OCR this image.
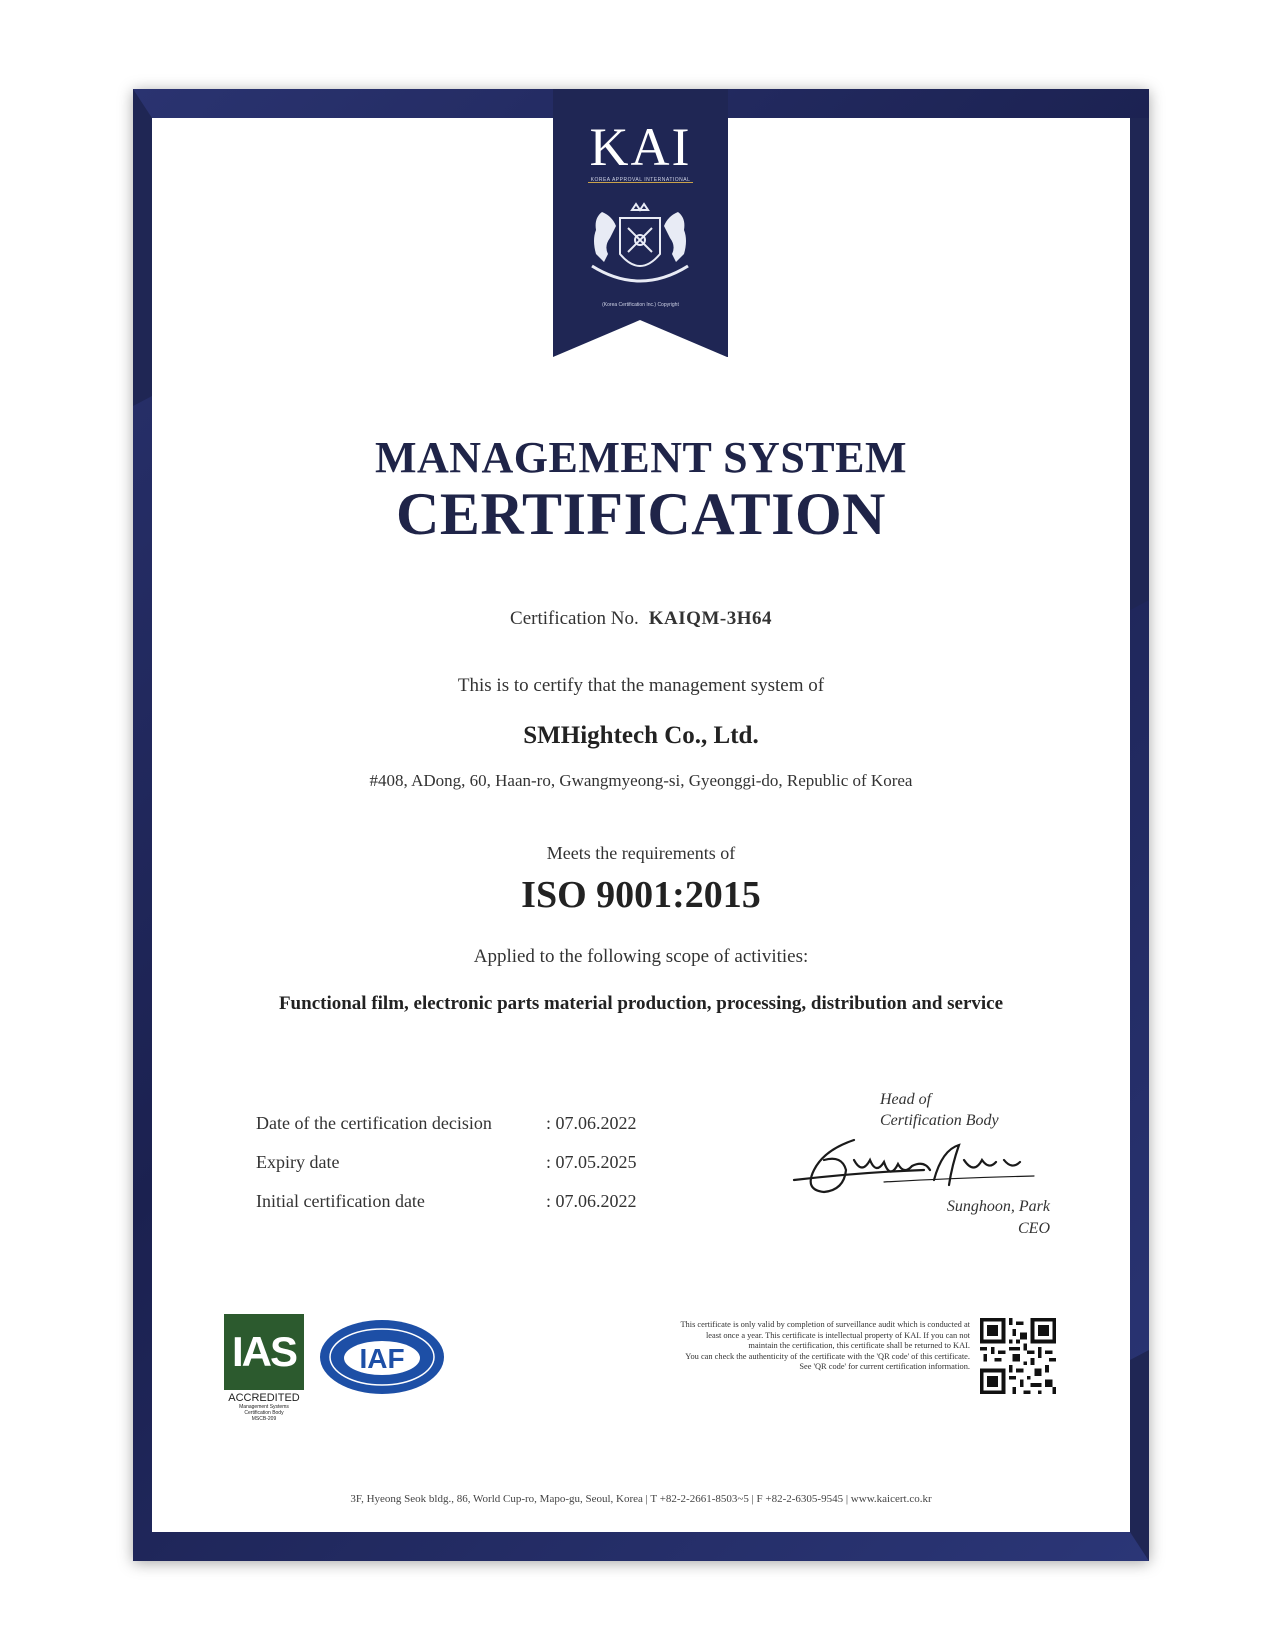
KAI
KOREA APPROVAL INTERNATIONAL
(Korea Certification Inc.) Copyright
MANAGEMENT SYSTEM
CERTIFICATION
Certification No. KAIQM-3H64
This is to certify that the management system of
SMHightech Co., Ltd.
#408, ADong, 60, Haan-ro, Gwangmyeong-si, Gyeonggi-do, Republic of Korea
Meets the requirements of
ISO 9001:2015
Applied to the following scope of activities:
Functional film, electronic parts material production, processing, distribution and service
Date of the certification decision	: 07.06.2022
Expiry date	: 07.05.2025
Initial certification date	: 07.06.2022
Head of
Certification Body
Sunghoon, Park
CEO
IAS
ACCREDITED
Management Systems
Certification Body
MSCB-209
IAF
This certificate is only valid by completion of surveillance audit which is conducted at
least once a year. This certificate is intellectual property of KAI. If you can not
maintain the certification, this certificate shall be returned to KAI.
You can check the authenticity of the certificate with the 'QR code' of this certificate.
See 'QR code' for current certification information.
3F, Hyeong Seok bldg., 86, World Cup-ro, Mapo-gu, Seoul, Korea | T +82-2-2661-8503~5 | F +82-2-6305-9545 | www.kaicert.co.kr
